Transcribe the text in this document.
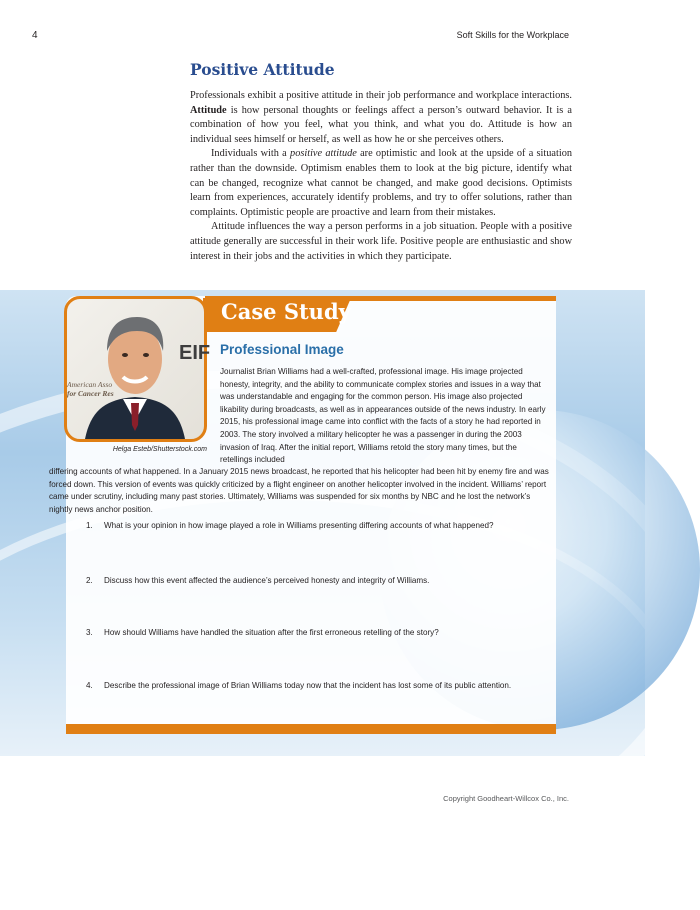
4	Soft Skills for the Workplace
Positive Attitude

Professionals exhibit a positive attitude in their job performance and workplace interactions. Attitude is how personal thoughts or feelings affect a person’s outward behavior. It is a combination of how you feel, what you think, and what you do. Attitude is how an individual sees himself or herself, as well as how he or she perceives others.

Individuals with a positive attitude are optimistic and look at the upside of a situation rather than the downside. Optimism enables them to look at the big picture, identify what can be changed, recognize what cannot be changed, and make good decisions. Optimists learn from experiences, accurately identify problems, and try to offer solutions, rather than complaints. Optimistic people are proactive and learn from their mistakes.

Attitude influences the way a person performs in a job situation. People with a positive attitude generally are successful in their work life. Positive people are enthusiastic and show interest in their jobs and the activities in which they participate.

Case Study
EIF
American Asso
for Cancer Res
Helga Esteb/Shutterstock.com
Professional Image

Journalist Brian Williams had a well-crafted, professional image. His image projected honesty, integrity, and the ability to communicate complex stories and issues in a way that was understandable and engaging for the common person. His image also projected likability during broadcasts, as well as in appearances outside of the news industry. In early 2015, his professional image came into conflict with the facts of a story he had reported in 2003. The story involved a military helicopter he was a passenger in during the 2003 invasion of Iraq. After the initial report, Williams retold the story many times, but the retellings included

differing accounts of what happened. In a January 2015 news broadcast, he reported that his helicopter had been hit by enemy fire and was forced down. This version of events was quickly criticized by a flight engineer on another helicopter involved in the incident. Williams’ report came under scrutiny, including many past stories. Ultimately, Williams was suspended for six months by NBC and he lost the network’s nightly news anchor position.

1. What is your opinion in how image played a role in Williams presenting differing accounts of what happened?
2. Discuss how this event affected the audience’s perceived honesty and integrity of Williams.
3. How should Williams have handled the situation after the first erroneous retelling of the story?
4. Describe the professional image of Brian Williams today now that the incident has lost some of its public attention.
Copyright Goodheart-Willcox Co., Inc.
